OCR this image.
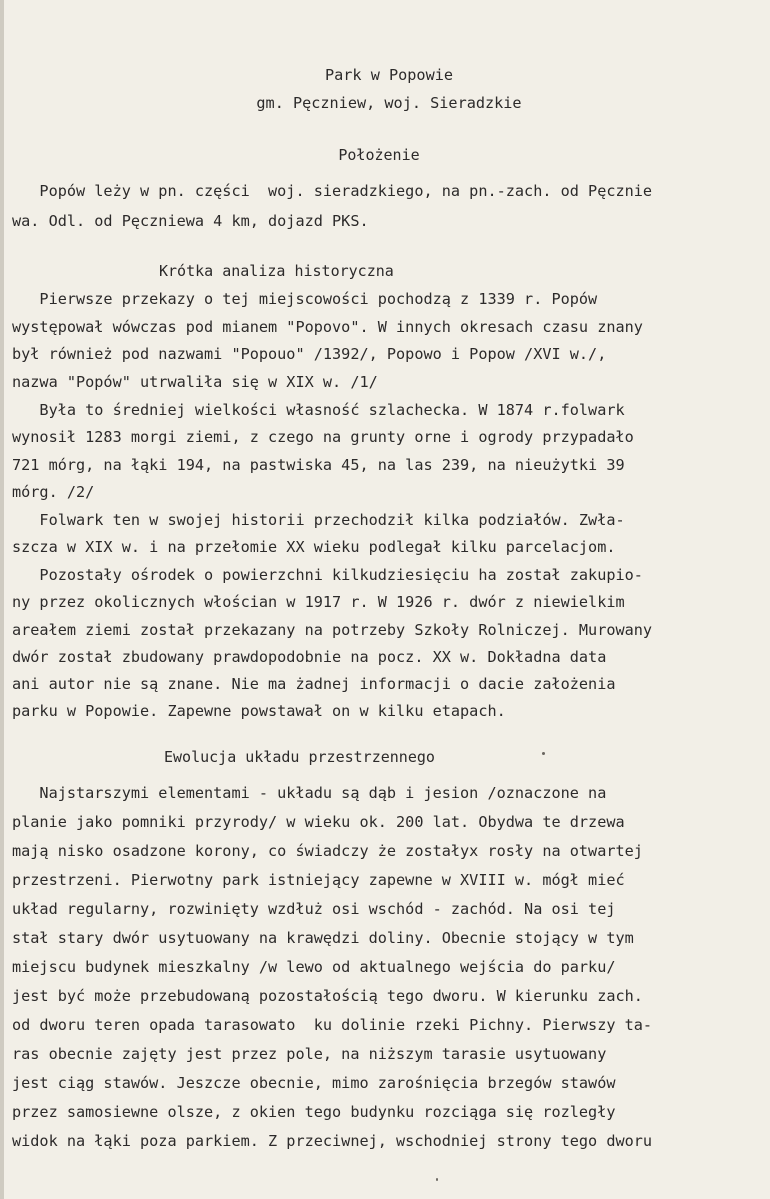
Park w Popowie
gm. Pęczniew, woj. Sieradzkie
Położenie
Popów leży w pn. części  woj. sieradzkiego, na pn.-zach. od Pęcznie
wa. Odl. od Pęczniewa 4 km, dojazd PKS.
Krótka analiza historyczna
Pierwsze przekazy o tej miejscowości pochodzą z 1339 r. Popów
występował wówczas pod mianem "Popovo". W innych okresach czasu znany
był również pod nazwami "Popouo" /1392/, Popowo i Popow /XVI w./,
nazwa "Popów" utrwaliła się w XIX w. /1/
Była to średniej wielkości własność szlachecka. W 1874 r.folwark
wynosił 1283 morgi ziemi, z czego na grunty orne i ogrody przypadało
721 mórg, na łąki 194, na pastwiska 45, na las 239, na nieużytki 39
mórg. /2/
Folwark ten w swojej historii przechodził kilka podziałów. Zwła-
szcza w XIX w. i na przełomie XX wieku podlegał kilku parcelacjom.
Pozostały ośrodek o powierzchni kilkudziesięciu ha został zakupio-
ny przez okolicznych włościan w 1917 r. W 1926 r. dwór z niewielkim
areałem ziemi został przekazany na potrzeby Szkoły Rolniczej. Murowany
dwór został zbudowany prawdopodobnie na pocz. XX w. Dokładna data
ani autor nie są znane. Nie ma żadnej informacji o dacie założenia
parku w Popowie. Zapewne powstawał on w kilku etapach.
Ewolucja układu przestrzennego
Najstarszymi elementami - układu są dąb i jesion /oznaczone na
planie jako pomniki przyrody/ w wieku ok. 200 lat. Obydwa te drzewa
mają nisko osadzone korony, co świadczy że zostałyx rosły na otwartej
przestrzeni. Pierwotny park istniejący zapewne w XVIII w. mógł mieć
układ regularny, rozwinięty wzdłuż osi wschód - zachód. Na osi tej
stał stary dwór usytuowany na krawędzi doliny. Obecnie stojący w tym
miejscu budynek mieszkalny /w lewo od aktualnego wejścia do parku/
jest być może przebudowaną pozostałością tego dworu. W kierunku zach.
od dworu teren opada tarasowato  ku dolinie rzeki Pichny. Pierwszy ta-
ras obecnie zajęty jest przez pole, na niższym tarasie usytuowany
jest ciąg stawów. Jeszcze obecnie, mimo zarośnięcia brzegów stawów
przez samosiewne olsze, z okien tego budynku rozciąga się rozległy
widok na łąki poza parkiem. Z przeciwnej, wschodniej strony tego dworu
